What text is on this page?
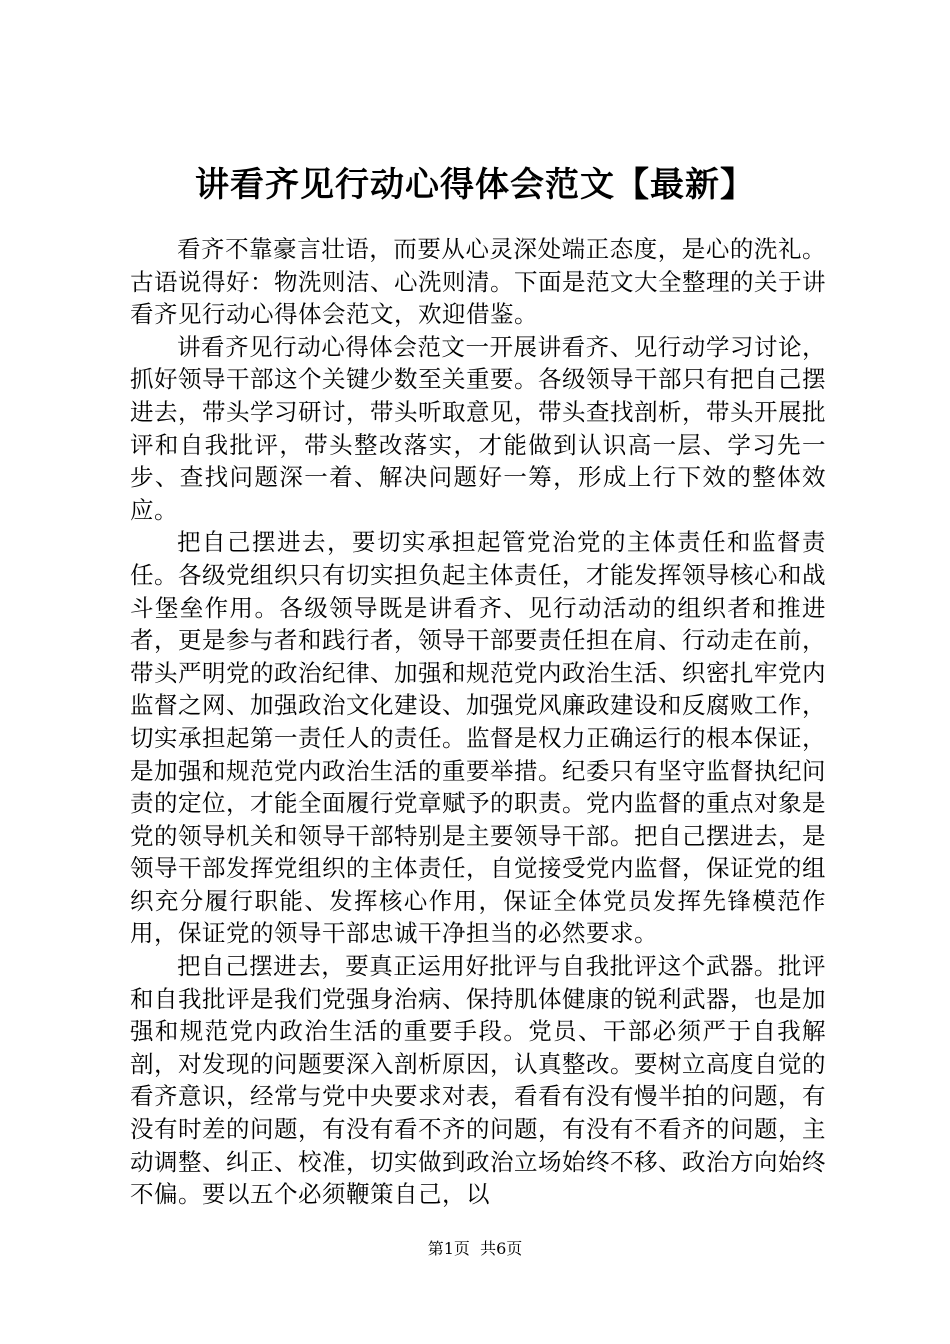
讲看齐见行动心得体会范文【最新】

看齐不靠豪言壮语，而要从心灵深处端正态度，是心的洗礼。古语说得好：物洗则洁、心洗则清。下面是范文大全整理的关于讲看齐见行动心得体会范文，欢迎借鉴。

讲看齐见行动心得体会范文一开展讲看齐、见行动学习讨论，抓好领导干部这个关键少数至关重要。各级领导干部只有把自己摆进去，带头学习研讨，带头听取意见，带头查找剖析，带头开展批评和自我批评，带头整改落实，才能做到认识高一层、学习先一步、查找问题深一着、解决问题好一筹，形成上行下效的整体效应。

把自己摆进去，要切实承担起管党治党的主体责任和监督责任。各级党组织只有切实担负起主体责任，才能发挥领导核心和战斗堡垒作用。各级领导既是讲看齐、见行动活动的组织者和推进者，更是参与者和践行者，领导干部要责任担在肩、行动走在前，带头严明党的政治纪律、加强和规范党内政治生活、织密扎牢党内监督之网、加强政治文化建设、加强党风廉政建设和反腐败工作，切实承担起第一责任人的责任。监督是权力正确运行的根本保证，是加强和规范党内政治生活的重要举措。纪委只有坚守监督执纪问责的定位，才能全面履行党章赋予的职责。党内监督的重点对象是党的领导机关和领导干部特别是主要领导干部。把自己摆进去，是领导干部发挥党组织的主体责任，自觉接受党内监督，保证党的组织充分履行职能、发挥核心作用，保证全体党员发挥先锋模范作用，保证党的领导干部忠诚干净担当的必然要求。

把自己摆进去，要真正运用好批评与自我批评这个武器。批评和自我批评是我们党强身治病、保持肌体健康的锐利武器，也是加强和规范党内政治生活的重要手段。党员、干部必须严于自我解剖，对发现的问题要深入剖析原因，认真整改。要树立高度自觉的看齐意识，经常与党中央要求对表，看看有没有慢半拍的问题，有没有时差的问题，有没有看不齐的问题，有没有不看齐的问题，主动调整、纠正、校准，切实做到政治立场始终不移、政治方向始终不偏。要以五个必须鞭策自己，以

第1页 共6页
